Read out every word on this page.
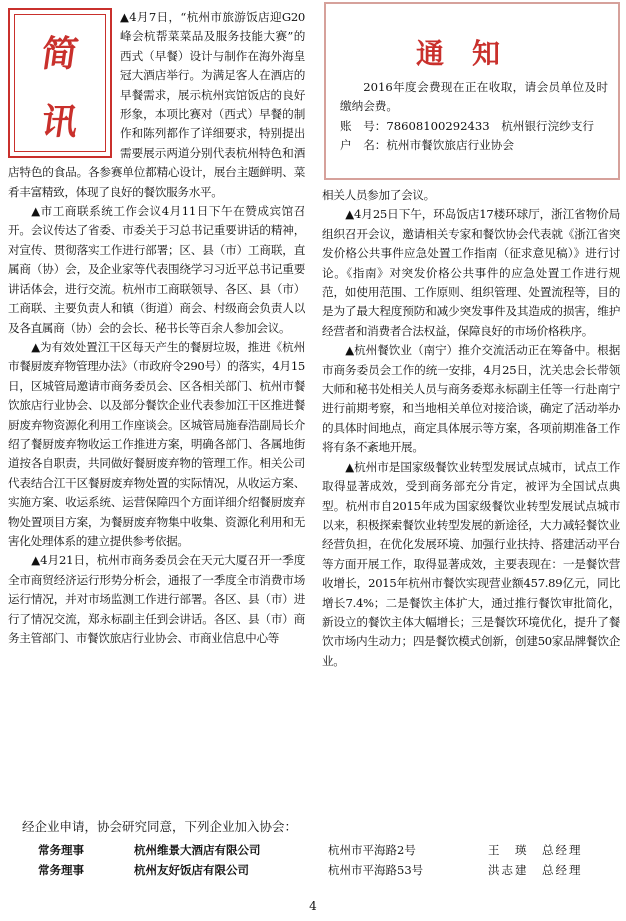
通知

2016年度会费现在正在收取，请会员单位及时缴纳会费。

账　号：78608100292433　杭州银行浣纱支行

户　名：杭州市餐饮旅店行业协会

简
讯

▲4月7日，“杭州市旅游饭店迎G20峰会杭帮菜菜品及服务技能大赛”的西式（早餐）设计与制作在海外海皇冠大酒店举行。为满足客人在酒店的早餐需求，展示杭州宾馆饭店的良好形象，本项比赛对（西式）早餐的制作和陈列都作了详细要求，特别提出需要展示两道分别代表杭州特色和酒店特色的食品。各参赛单位都精心设计，展台主题鲜明、菜肴丰富精致，体现了良好的餐饮服务水平。

▲市工商联系统工作会议4月11日下午在赞成宾馆召开。会议传达了省委、市委关于习总书记重要讲话的精神，对宣传、贯彻落实工作进行部署；区、县（市）工商联，直属商（协）会，及企业家等代表围绕学习习近平总书记重要讲话体会，进行交流。杭州市工商联领导、各区、县（市）工商联、主要负责人和镇（街道）商会、村级商会负责人以及各直属商（协）会的会长、秘书长等百余人参加会议。

▲为有效处置江干区每天产生的餐厨垃圾，推进《杭州市餐厨废弃物管理办法》（市政府令290号）的落实，4月15日，区城管局邀请市商务委员会、区各相关部门、杭州市餐饮旅店行业协会、以及部分餐饮企业代表参加江干区推进餐厨废弃物资源化利用工作座谈会。区城管局施春浩副局长介绍了餐厨废弃物收运工作推进方案，明确各部门、各属地街道按各自职责，共同做好餐厨废弃物的管理工作。相关公司代表结合江干区餐厨废弃物处置的实际情况，从收运方案、实施方案、收运系统、运营保障四个方面详细介绍餐厨废弃物处置项目方案，为餐厨废弃物集中收集、资源化利用和无害化处理体系的建立提供参考依据。

▲4月21日，杭州市商务委员会在天元大厦召开一季度全市商贸经济运行形势分析会，通报了一季度全市消费市场运行情况，并对市场监测工作进行部署。各区、县（市）进行了情况交流，郑永标副主任到会讲话。各区、县（市）商务主管部门、市餐饮旅店行业协会、市商业信息中心等

相关人员参加了会议。

▲4月25日下午，环岛饭店17楼环球厅，浙江省物价局组织召开会议，邀请相关专家和餐饮协会代表就《浙江省突发价格公共事件应急处置工作指南（征求意见稿）》进行讨论。《指南》对突发价格公共事件的应急处置工作进行规范，如使用范围、工作原则、组织管理、处置流程等，目的是为了最大程度预防和减少突发事件及其造成的损害，维护经营者和消费者合法权益，保障良好的市场价格秩序。

▲杭州餐饮业（南宁）推介交流活动正在筹备中。根据市商务委员会工作的统一安排，4月25日，沈关忠会长带领大师和秘书处相关人员与商务委郑永标副主任等一行赴南宁进行前期考察，和当地相关单位对接洽谈，确定了活动举办的具体时间地点，商定具体展示等方案，各项前期准备工作将有条不紊地开展。

▲杭州市是国家级餐饮业转型发展试点城市，试点工作取得显著成效，受到商务部充分肯定，被评为全国试点典型。杭州市自2015年成为国家级餐饮业转型发展试点城市以来，积极探索餐饮业转型发展的新途径，大力减轻餐饮业经营负担，在优化发展环境、加强行业扶持、搭建活动平台等方面开展工作，取得显著成效，主要表现在：一是餐饮营收增长，2015年杭州市餐饮实现营业额457.89亿元，同比增长7.4%；二是餐饮主体扩大，通过推行餐饮审批简化，新设立的餐饮主体大幅增长；三是餐饮环境优化，提升了餐饮市场内生动力；四是餐饮模式创新，创建50家品牌餐饮企业。

经企业申请，协会研究同意，下列企业加入协会：
常务理事	杭州维景大酒店有限公司	杭州市平海路2号	王　瑛　总经理
常务理事	杭州友好饭店有限公司	杭州市平海路53号	洪志建　总经理
4
